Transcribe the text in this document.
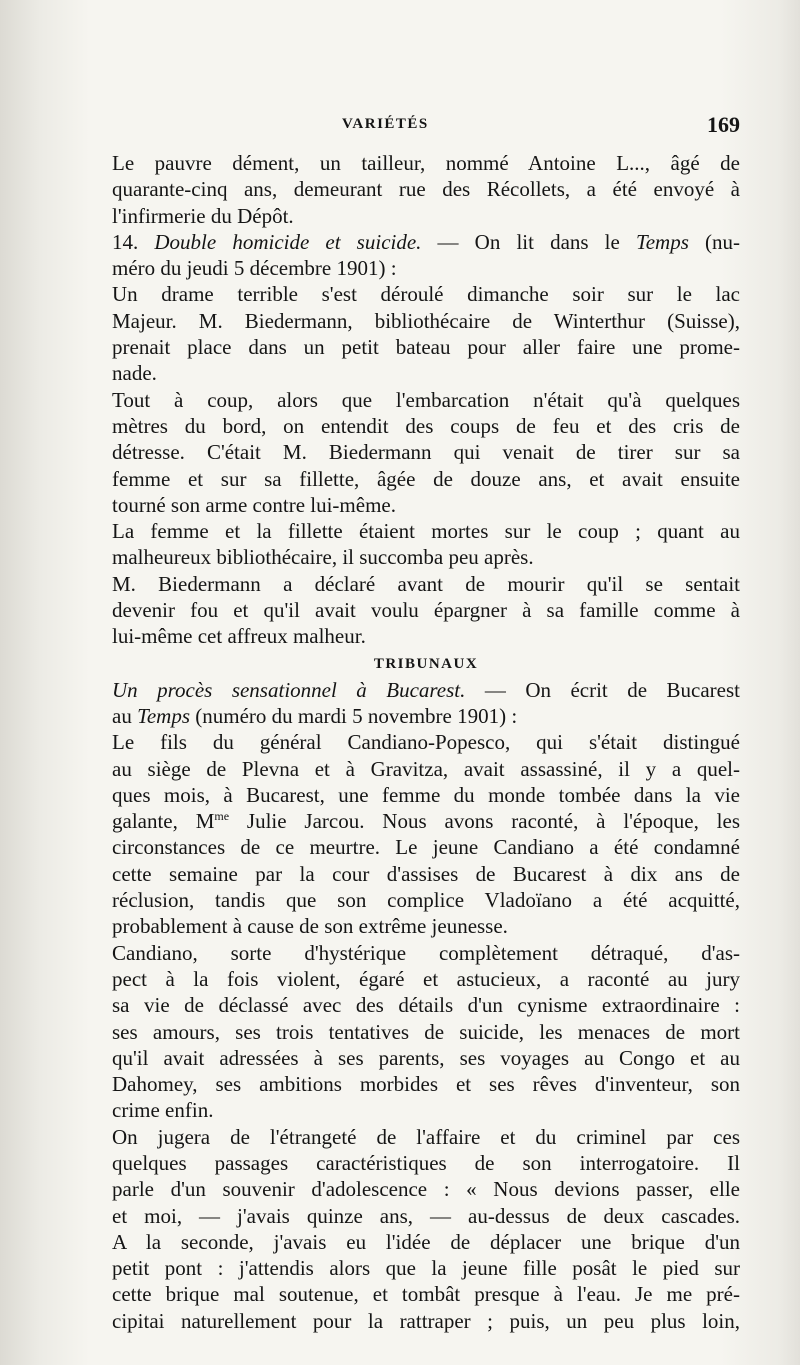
VARIÉTÉS	169

Le pauvre dément, un tailleur, nommé Antoine L..., âgé de
quarante-cinq ans, demeurant rue des Récollets, a été envoyé à
l'infirmerie du Dépôt.

14. Double homicide et suicide. — On lit dans le Temps (nu-
méro du jeudi 5 décembre 1901) :

Un drame terrible s'est déroulé dimanche soir sur le lac
Majeur. M. Biedermann, bibliothécaire de Winterthur (Suisse),
prenait place dans un petit bateau pour aller faire une prome-
nade.

Tout à coup, alors que l'embarcation n'était qu'à quelques
mètres du bord, on entendit des coups de feu et des cris de
détresse. C'était M. Biedermann qui venait de tirer sur sa
femme et sur sa fillette, âgée de douze ans, et avait ensuite
tourné son arme contre lui-même.

La femme et la fillette étaient mortes sur le coup ; quant au
malheureux bibliothécaire, il succomba peu après.

M. Biedermann a déclaré avant de mourir qu'il se sentait
devenir fou et qu'il avait voulu épargner à sa famille comme à
lui-même cet affreux malheur.

TRIBUNAUX

Un procès sensationnel à Bucarest. — On écrit de Bucarest
au Temps (numéro du mardi 5 novembre 1901) :

Le fils du général Candiano-Popesco, qui s'était distingué
au siège de Plevna et à Gravitza, avait assassiné, il y a quel-
ques mois, à Bucarest, une femme du monde tombée dans la vie
galante, $M^{me}$ Julie Jarcou. Nous avons raconté, à l'époque, les
circonstances de ce meurtre. Le jeune Candiano a été condamné
cette semaine par la cour d'assises de Bucarest à dix ans de
réclusion, tandis que son complice Vladoïano a été acquitté,
probablement à cause de son extrême jeunesse.

Candiano, sorte d'hystérique complètement détraqué, d'as-
pect à la fois violent, égaré et astucieux, a raconté au jury
sa vie de déclassé avec des détails d'un cynisme extraordinaire :
ses amours, ses trois tentatives de suicide, les menaces de mort
qu'il avait adressées à ses parents, ses voyages au Congo et au
Dahomey, ses ambitions morbides et ses rêves d'inventeur, son
crime enfin.

On jugera de l'étrangeté de l'affaire et du criminel par ces
quelques passages caractéristiques de son interrogatoire. Il
parle d'un souvenir d'adolescence : « Nous devions passer, elle
et moi, — j'avais quinze ans, — au-dessus de deux cascades.
A la seconde, j'avais eu l'idée de déplacer une brique d'un
petit pont : j'attendis alors que la jeune fille posât le pied sur
cette brique mal soutenue, et tombât presque à l'eau. Je me pré-
cipitai naturellement pour la rattraper ; puis, un peu plus loin,
